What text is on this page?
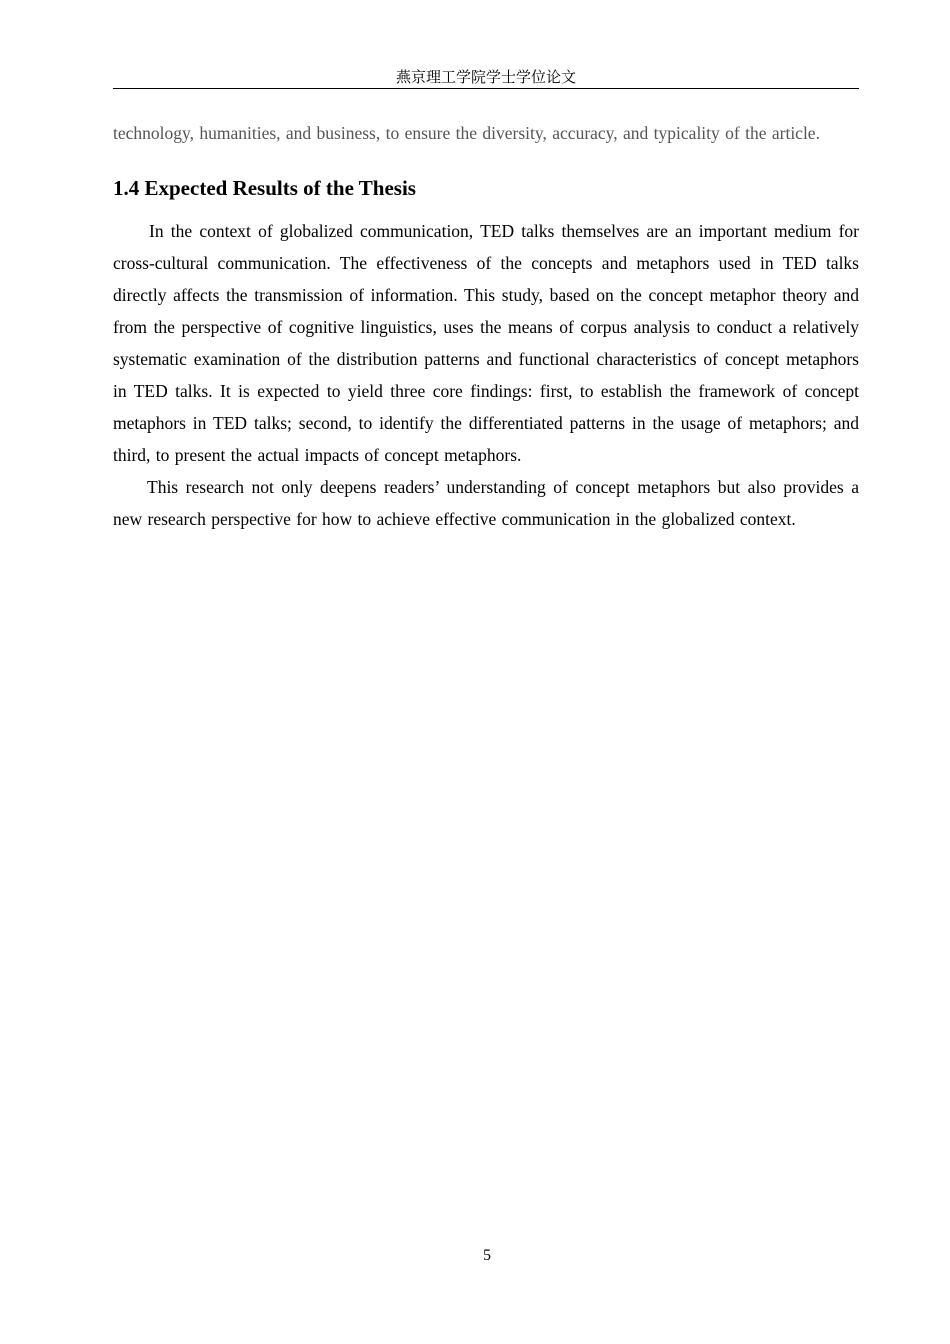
燕京理工学院学士学位论文

technology, humanities, and business, to ensure the diversity, accuracy, and typicality of the article.

1.4 Expected Results of the Thesis

In the context of globalized communication, TED talks themselves are an important medium for cross-cultural communication. The effectiveness of the concepts and metaphors used in TED talks directly affects the transmission of information. This study, based on the concept metaphor theory and from the perspective of cognitive linguistics, uses the means of corpus analysis to conduct a relatively systematic examination of the distribution patterns and functional characteristics of concept metaphors in TED talks. It is expected to yield three core findings: first, to establish the framework of concept metaphors in TED talks; second, to identify the differentiated patterns in the usage of metaphors; and third, to present the actual impacts of concept metaphors.

This research not only deepens readers’ understanding of concept metaphors but also provides a new research perspective for how to achieve effective communication in the globalized context.

5
